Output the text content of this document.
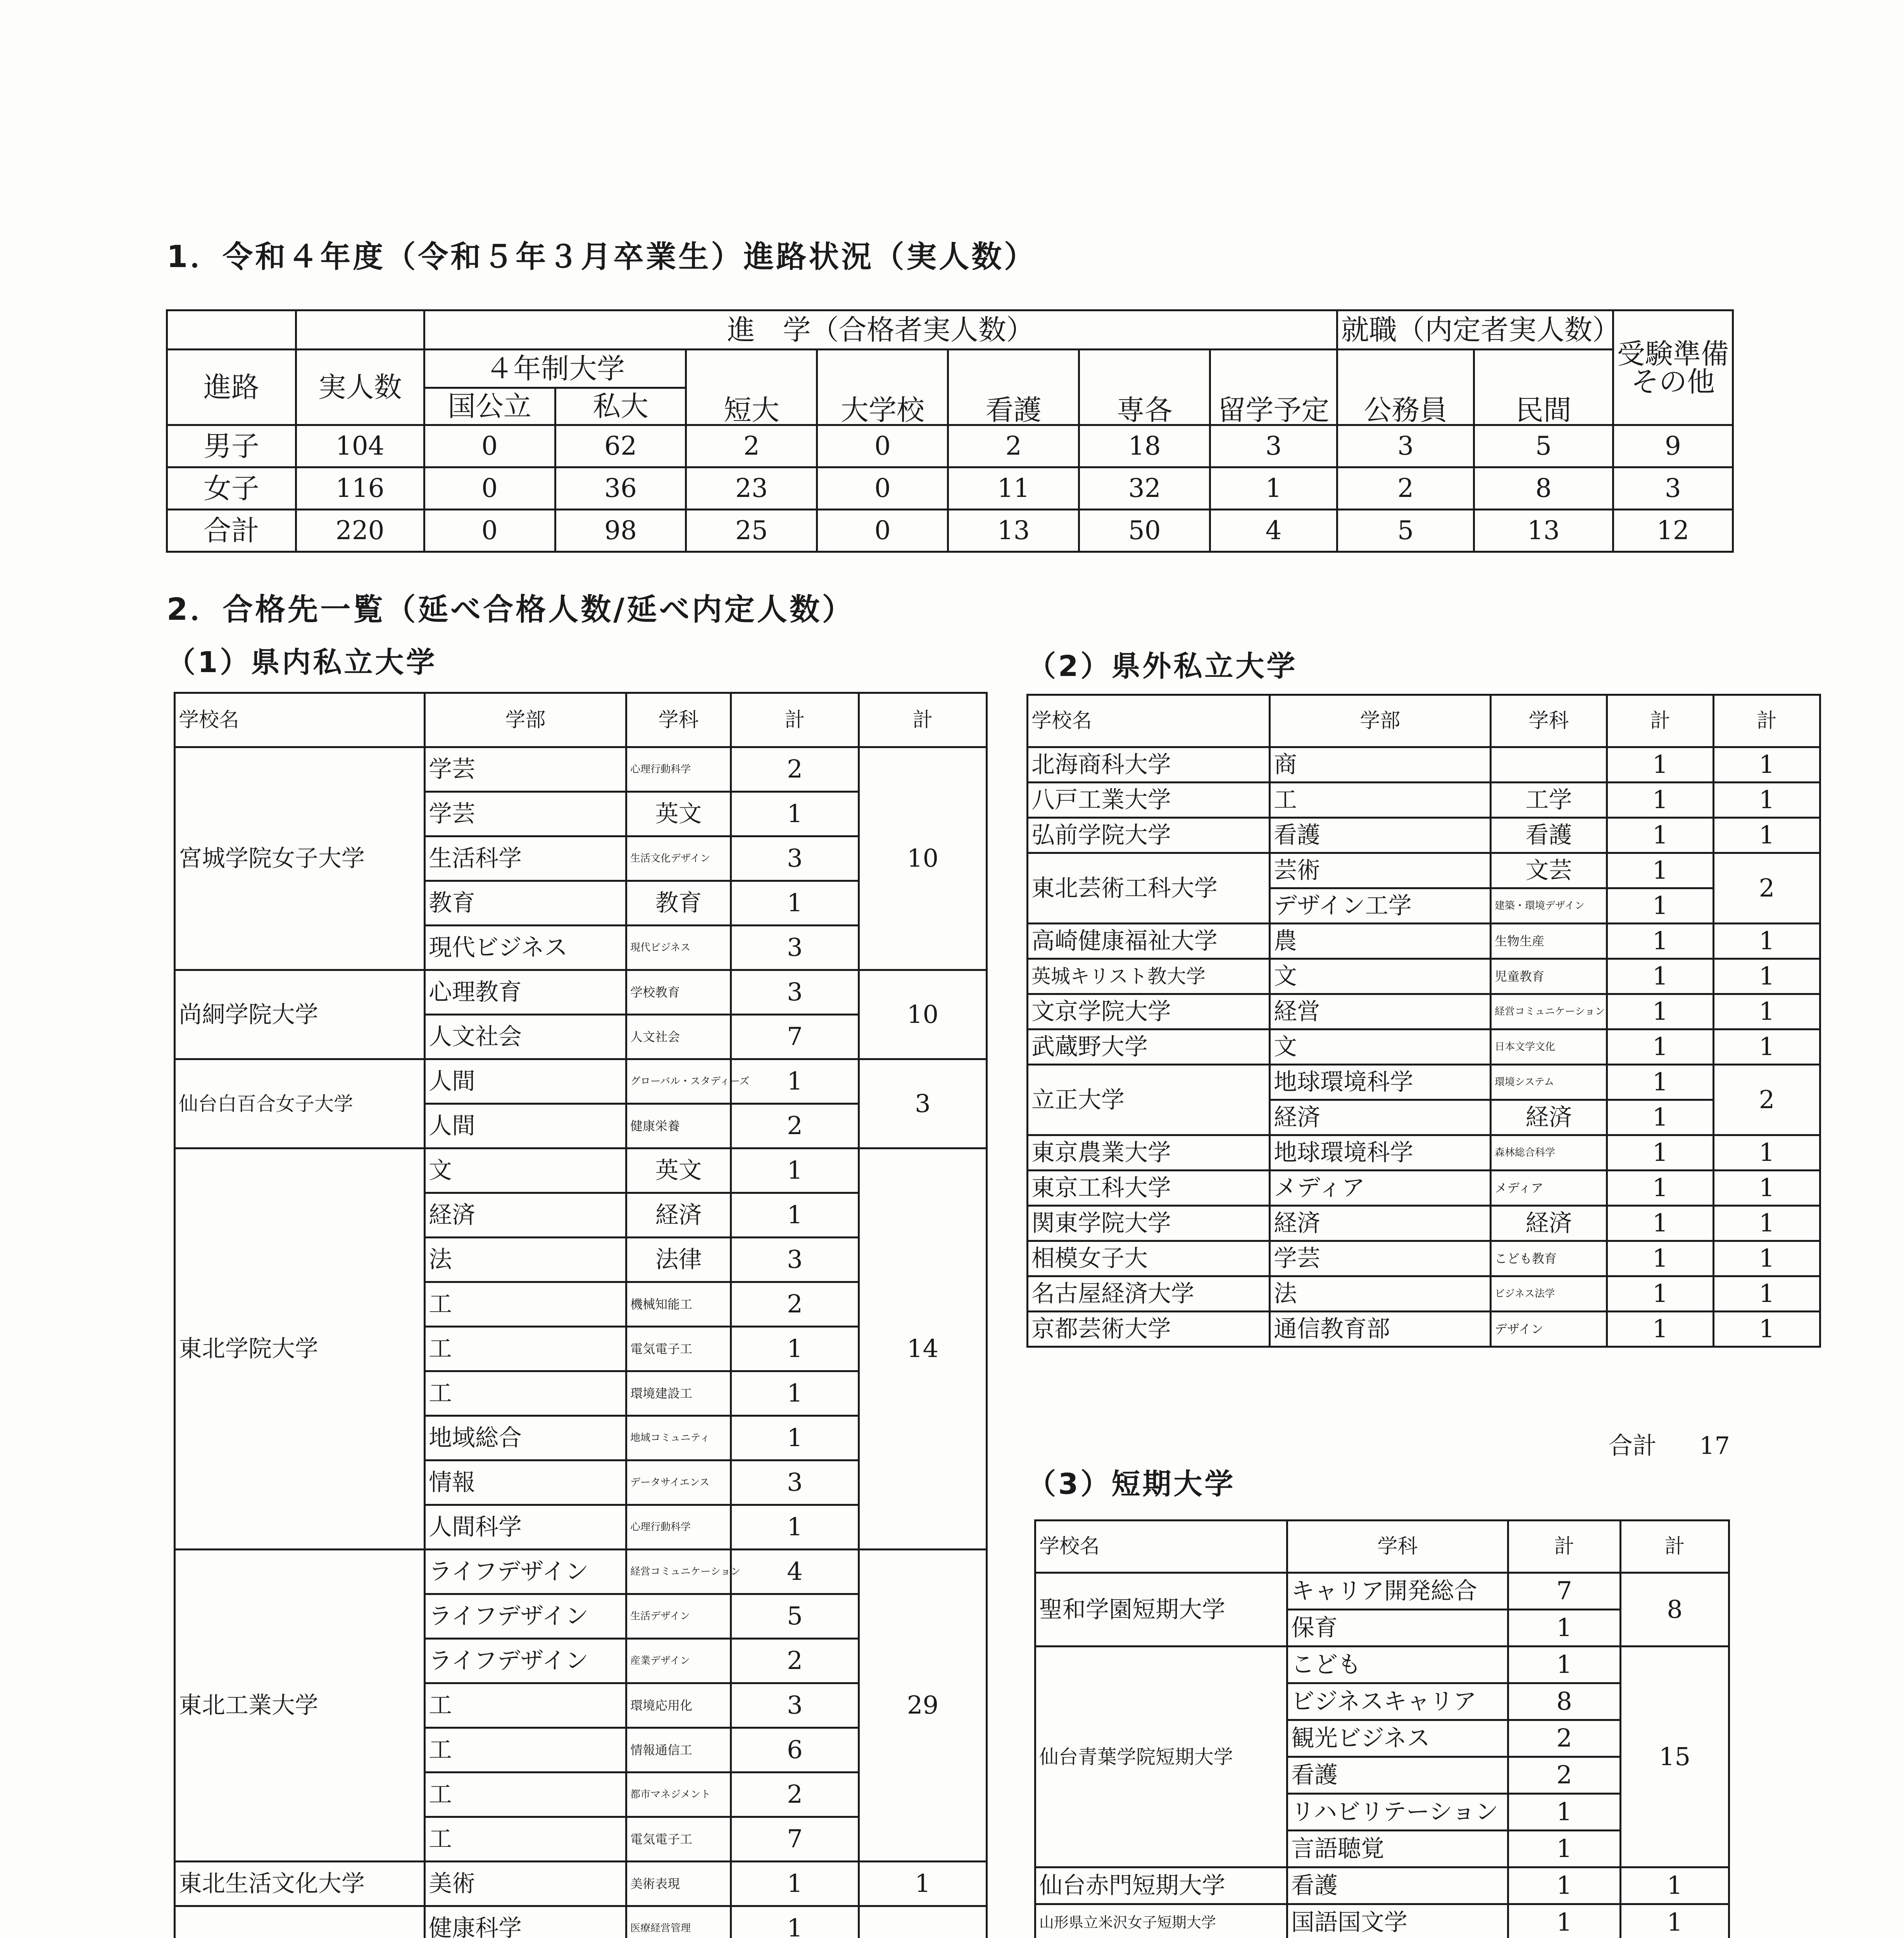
1．令和４年度（令和５年３月卒業生）進路状況（実人数）
		進　学（合格者実人数）							就職（内定者実人数）		受験準備
その他

進路	実人数	４年制大学		短大	大学校	看護	専各	留学予定	公務員	民間	
		国公立	私大								
男子	104	0	62	2	0	2	18	3	3	5	9
女子	116	0	36	23	0	11	32	1	2	8	3
合計	220	0	98	25	0	13	50	4	5	13	12
2．合格先一覧（延べ合格人数/延べ内定人数）
（1）県内私立大学
学校名	学部	学科	計	計
宮城学院女子大学	学芸	心理行動科学	2	10
	学芸	英文	1	
	生活科学	生活文化デザイン	3	
	教育	教育	1	
	現代ビジネス	現代ビジネス	3	
尚絅学院大学	心理教育	学校教育	3	10
	人文社会	人文社会	7	
仙台白百合女子大学	人間	グローバル・スタディーズ	1	3
	人間	健康栄養	2	
東北学院大学	文	英文	1	14
	経済	経済	1	
	法	法律	3	
	工	機械知能工	2	
	工	電気電子工	1	
	工	環境建設工	1	
	地域総合	地域コミュニティ	1	
	情報	データサイエンス	3	
	人間科学	心理行動科学	1	
東北工業大学	ライフデザイン	経営コミュニケーション	4	29
	ライフデザイン	生活デザイン	5	
	ライフデザイン	産業デザイン	2	
	工	環境応用化	3	
	工	情報通信工	6	
	工	都市マネジメント	2	
	工	電気電子工	7	
東北生活文化大学	美術	美術表現	1	1
	健康科学	医療経営管理	1	

（2）県外私立大学
学校名	学部	学科	計	計
北海商科大学	商		1	1
八戸工業大学	工	工学	1	1
弘前学院大学	看護	看護	1	1
東北芸術工科大学	芸術	文芸	1	2
	デザイン工学	建築・環境デザイン	1	
高崎健康福祉大学	農	生物生産	1	1
英城キリスト教大学	文	児童教育	1	1
文京学院大学	経営	経営コミュニケーション	1	1
武蔵野大学	文	日本文学文化	1	1
立正大学	地球環境科学	環境システム	1	2
	経済	経済	1	
東京農業大学	地球環境科学	森林総合科学	1	1
東京工科大学	メディア	メディア	1	1
関東学院大学	経済	経済	1	1
相模女子大	学芸	こども教育	1	1
名古屋経済大学	法	ビジネス法学	1	1
京都芸術大学	通信教育部	デザイン	1	1
合計 17
（3）短期大学
学校名	学科	計	計
聖和学園短期大学	キャリア開発総合	7	8
	保育	1	
仙台青葉学院短期大学	こども	1	15
	ビジネスキャリア	8	
	観光ビジネス	2	
	看護	2	
	リハビリテーション	1	
	言語聴覚	1	
仙台赤門短期大学	看護	1	1
山形県立米沢女子短期大学	国語国文学	1	1
